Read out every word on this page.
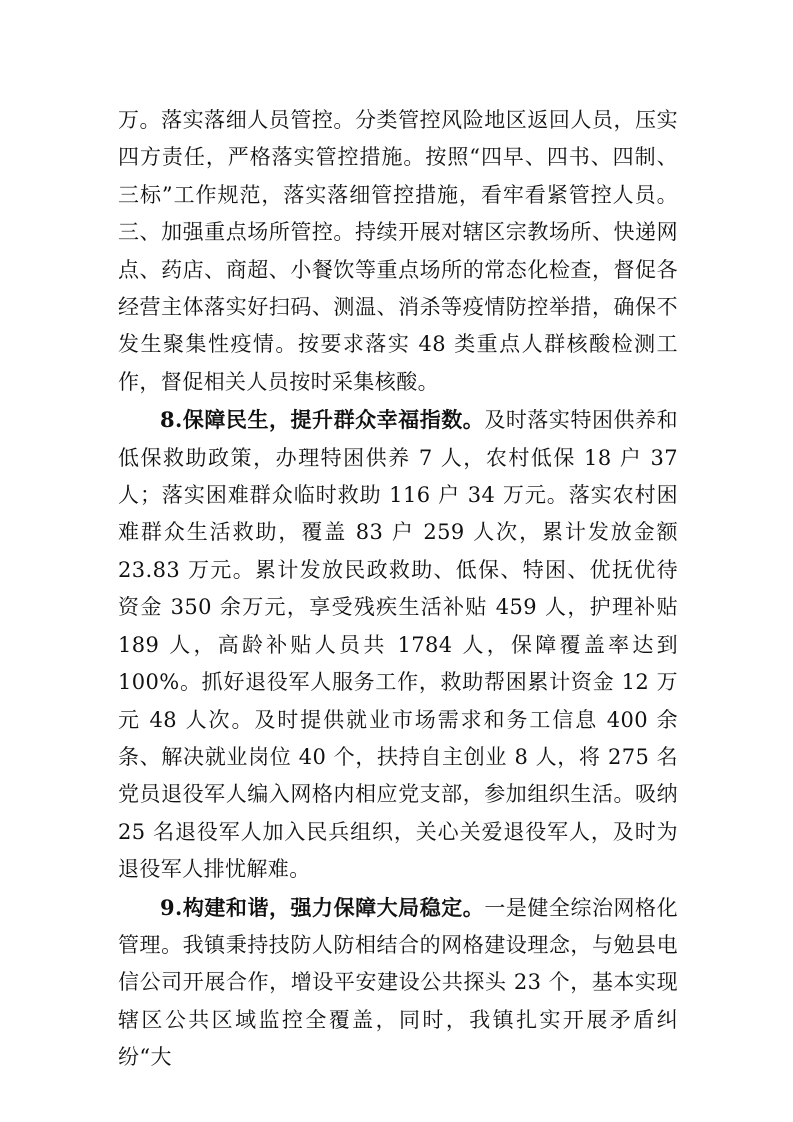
万。落实落细人员管控。分类管控风险地区返回人员，压实四方责任，严格落实管控措施。按照“四早、四书、四制、三标”工作规范，落实落细管控措施，看牢看紧管控人员。三、加强重点场所管控。持续开展对辖区宗教场所、快递网点、药店、商超、小餐饮等重点场所的常态化检查，督促各经营主体落实好扫码、测温、消杀等疫情防控举措，确保不发生聚集性疫情。按要求落实 48 类重点人群核酸检测工作，督促相关人员按时采集核酸。

8.保障民生，提升群众幸福指数。及时落实特困供养和低保救助政策，办理特困供养 7 人，农村低保 18 户 37 人；落实困难群众临时救助 116 户 34 万元。落实农村困难群众生活救助，覆盖 83 户 259 人次，累计发放金额 23.83 万元。累计发放民政救助、低保、特困、优抚优待资金 350 余万元，享受残疾生活补贴 459 人，护理补贴 189 人，高龄补贴人员共 1784 人，保障覆盖率达到 100%。抓好退役军人服务工作，救助帮困累计资金 12 万元 48 人次。及时提供就业市场需求和务工信息 400 余条、解决就业岗位 40 个，扶持自主创业 8 人，将 275 名党员退役军人编入网格内相应党支部，参加组织生活。吸纳 25 名退役军人加入民兵组织，关心关爱退役军人，及时为退役军人排忧解难。

9.构建和谐，强力保障大局稳定。一是健全综治网格化管理。我镇秉持技防人防相结合的网格建设理念，与勉县电信公司开展合作，增设平安建设公共探头 23 个，基本实现辖区公共区域监控全覆盖，同时，我镇扎实开展矛盾纠纷“大
